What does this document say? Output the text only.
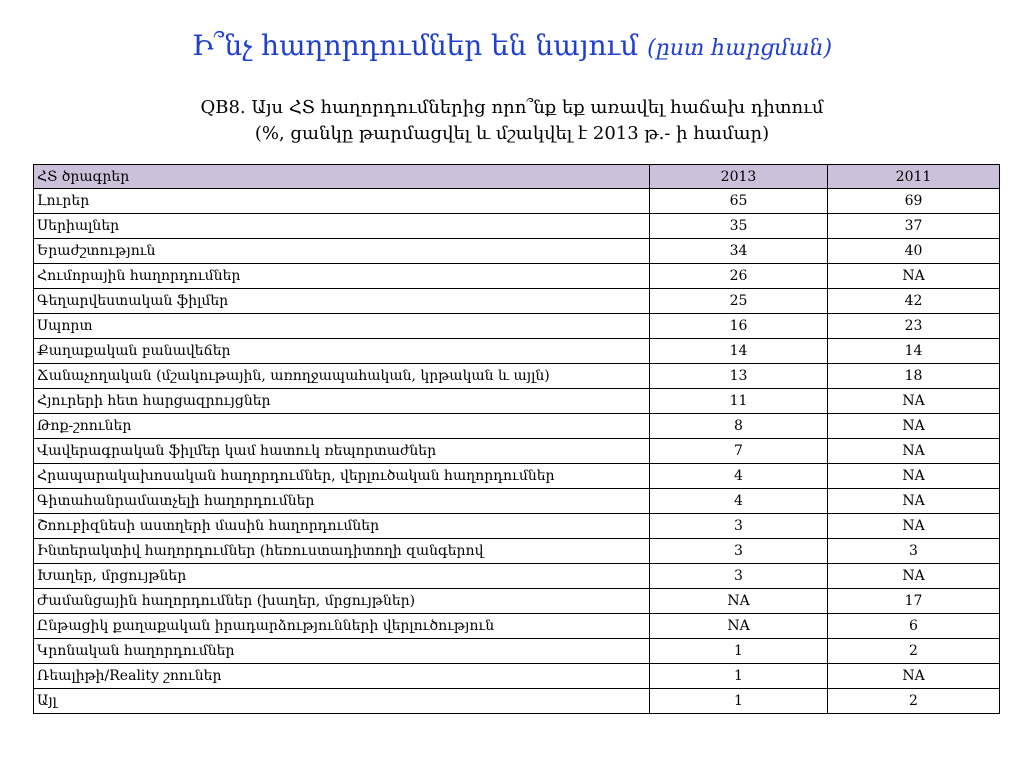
Ի՞նչ հաղորդումներ են նայում (ըստ հարցման)
QB8. Այս ՀՏ հաղորդումներից որո՞նք եք առավել հաճախ դիտում
(%, ցանկը թարմացվել և մշակվել է 2013 թ.- ի համար)
ՀՏ ծրագրեր	2013	2011
Լուրեր	65	69
Սերիալներ	35	37
Երաժշտություն	34	40
Հումորային հաղորդումներ	26	NA
Գեղարվեստական ֆիլմեր	25	42
Սպորտ	16	23
Քաղաքական բանավեճեր	14	14
Ճանաչողական (մշակութային, առողջապահական, կրթական և այլն)	13	18
Հյուրերի հետ հարցազրույցներ	11	NA
Թոք-շոուներ	8	NA
Վավերագրական ֆիլմեր կամ հատուկ ռեպորտաժներ	7	NA
Հրապարակախոսական հաղորդումներ, վերլուծական հաղորդումներ	4	NA
Գիտահանրամատչելի հաղորդումներ	4	NA
Շոուբիզնեսի աստղերի մասին հաղորդումներ	3	NA
Ինտերակտիվ հաղորդումներ (հեռուստադիտողի զանգերով	3	3
Խաղեր, մրցույթներ	3	NA
Ժամանցային հաղորդումներ (խաղեր, մրցույթներ)	NA	17
Ընթացիկ քաղաքական իրադարձությունների վերլուծություն	NA	6
Կրոնական հաղորդումներ	1	2
Ռեալիթի/Reality շոուներ	1	NA
Այլ	1	2
